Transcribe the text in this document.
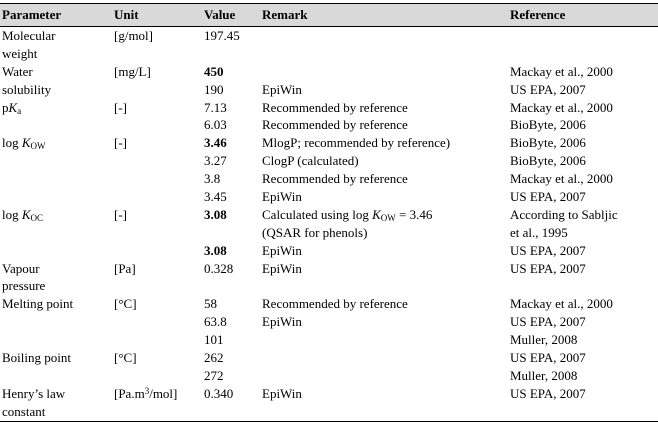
Parameter	Unit	Value	Remark	Reference
Molecular	[g/mol]	197.45		
weight				
Water	[mg/L]	450		Mackay et al., 2000
solubility		190	EpiWin	US EPA, 2007
$pK_a$	[-]	7.13	Recommended by reference	Mackay et al., 2000
		6.03	Recommended by reference	BioByte, 2006
$\log K_{OW}$	[-]	3.46	MlogP; recommended by reference)	BioByte, 2006
		3.27	ClogP (calculated)	BioByte, 2006
		3.8	Recommended by reference	Mackay et al., 2000
		3.45	EpiWin	US EPA, 2007
$\log K_{OC}$	[-]	3.08	Calculated using $\log K_{OW} = 3.46$	According to Sabljic
			(QSAR for phenols)	et al., 1995
		3.08	EpiWin	US EPA, 2007
Vapour	[Pa]	0.328	EpiWin	US EPA, 2007
pressure				
Melting point	[°C]	58	Recommended by reference	Mackay et al., 2000
		63.8	EpiWin	US EPA, 2007
		101		Muller, 2008
Boiling point	[°C]	262		US EPA, 2007
		272		Muller, 2008
Henry’s law	$[Pa.m^3/mol]$	0.340	EpiWin	US EPA, 2007
constant				
